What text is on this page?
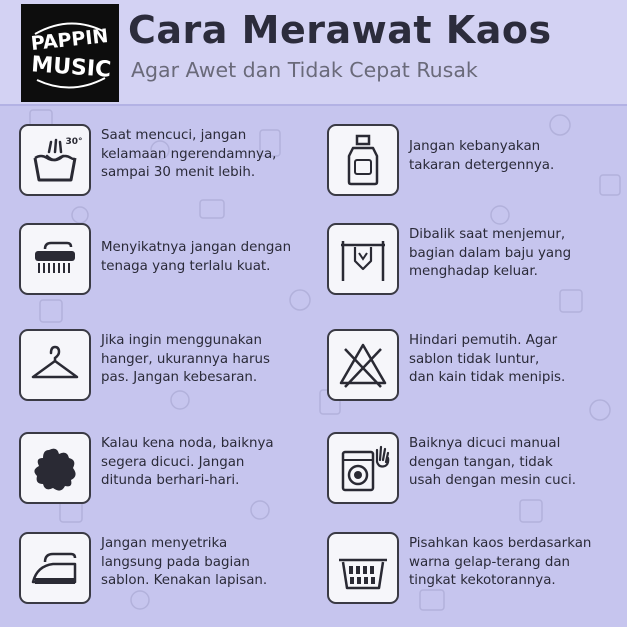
PAPPIN
MUSIC
Cara Merawat Kaos
Agar Awet dan Tidak Cepat Rusak
30° Saat mencuci, jangan
kelamaan ngerendamnya,
sampai 30 menit lebih.
Jangan kebanyakan
takaran detergennya.
Menyikatnya jangan dengan
tenaga yang terlalu kuat.
Dibalik saat menjemur,
bagian dalam baju yang
menghadap keluar.
Jika ingin menggunakan
hanger, ukurannya harus
pas. Jangan kebesaran.
Hindari pemutih. Agar
sablon tidak luntur,
dan kain tidak menipis.
Kalau kena noda, baiknya
segera dicuci. Jangan
ditunda berhari-hari.
Baiknya dicuci manual
dengan tangan, tidak
usah dengan mesin cuci.
Jangan menyetrika
langsung pada bagian
sablon. Kenakan lapisan.
Pisahkan kaos berdasarkan
warna gelap-terang dan
tingkat kekotorannya.
